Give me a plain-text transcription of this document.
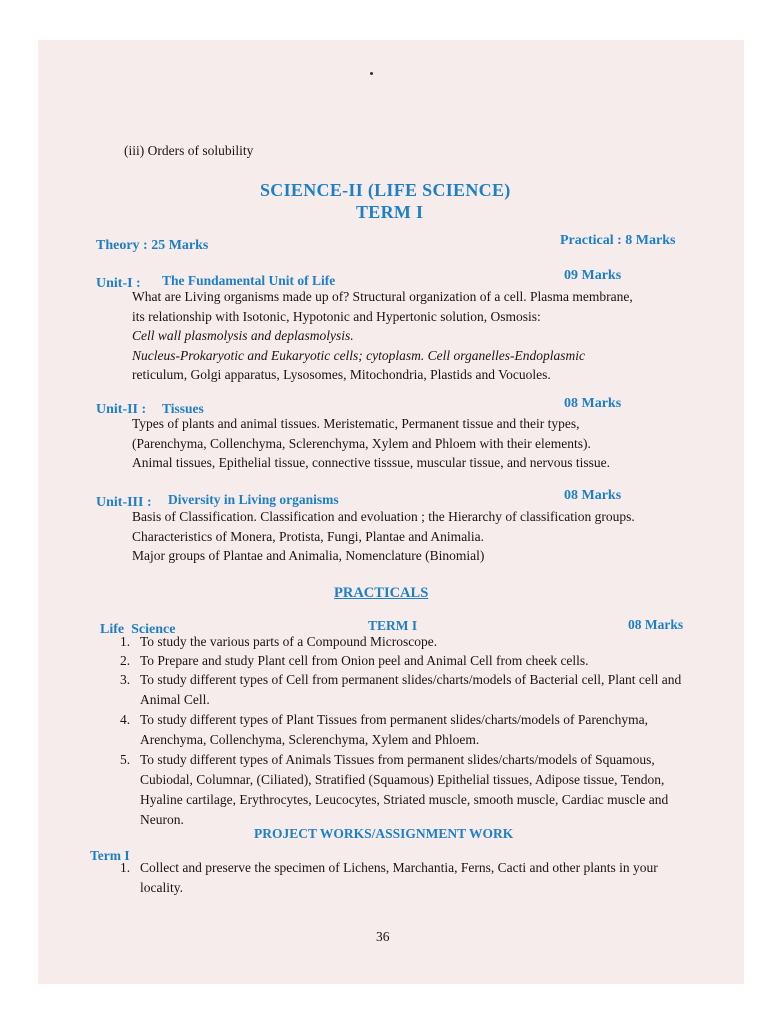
(iii) Orders of solubility
SCIENCE-II (LIFE SCIENCE)
TERM I
Theory : 25 Marks	Practical : 8 Marks
Unit-I : The Fundamental Unit of Life	09 Marks
What are Living organisms made up of? Structural organization of a cell. Plasma membrane,
its relationship with Isotonic, Hypotonic and Hypertonic solution, Osmosis:
Cell wall plasmolysis and deplasmolysis.
Nucleus-Prokaryotic and Eukaryotic cells; cytoplasm. Cell organelles-Endoplasmic
reticulum, Golgi apparatus, Lysosomes, Mitochondria, Plastids and Vocuoles.
Unit-II : Tissues	08 Marks
Types of plants and animal tissues. Meristematic, Permanent tissue and their types,
(Parenchyma, Collenchyma, Sclerenchyma, Xylem and Phloem with their elements).
Animal tissues, Epithelial tissue, connective tisssue, muscular tissue, and nervous tissue.
Unit-III : Diversity in Living organisms	08 Marks
Basis of Classification. Classification and evoluation ; the Hierarchy of classification groups.
Characteristics of Monera, Protista, Fungi, Plantae and Animalia.
Major groups of Plantae and Animalia, Nomenclature (Binomial)
PRACTICALS
Life  Science	TERM I	08 Marks
1. To study the various parts of a Compound Microscope.
2. To Prepare and study Plant cell from Onion peel and Animal Cell from cheek cells.
3. To study different types of Cell from permanent slides/charts/models of Bacterial cell, Plant cell and Animal Cell.
4. To study different types of Plant Tissues from permanent slides/charts/models of Parenchyma, Arenchyma, Collenchyma, Sclerenchyma, Xylem and Phloem.
5. To study different types of Animals Tissues from permanent slides/charts/models of Squamous, Cubiodal, Columnar, (Ciliated), Stratified (Squamous) Epithelial tissues, Adipose tissue, Tendon, Hyaline cartilage, Erythrocytes, Leucocytes, Striated muscle, smooth muscle, Cardiac muscle and Neuron.
PROJECT WORKS/ASSIGNMENT WORK
Term I
1. Collect and preserve the specimen of Lichens, Marchantia, Ferns, Cacti and other plants in your locality.
36
